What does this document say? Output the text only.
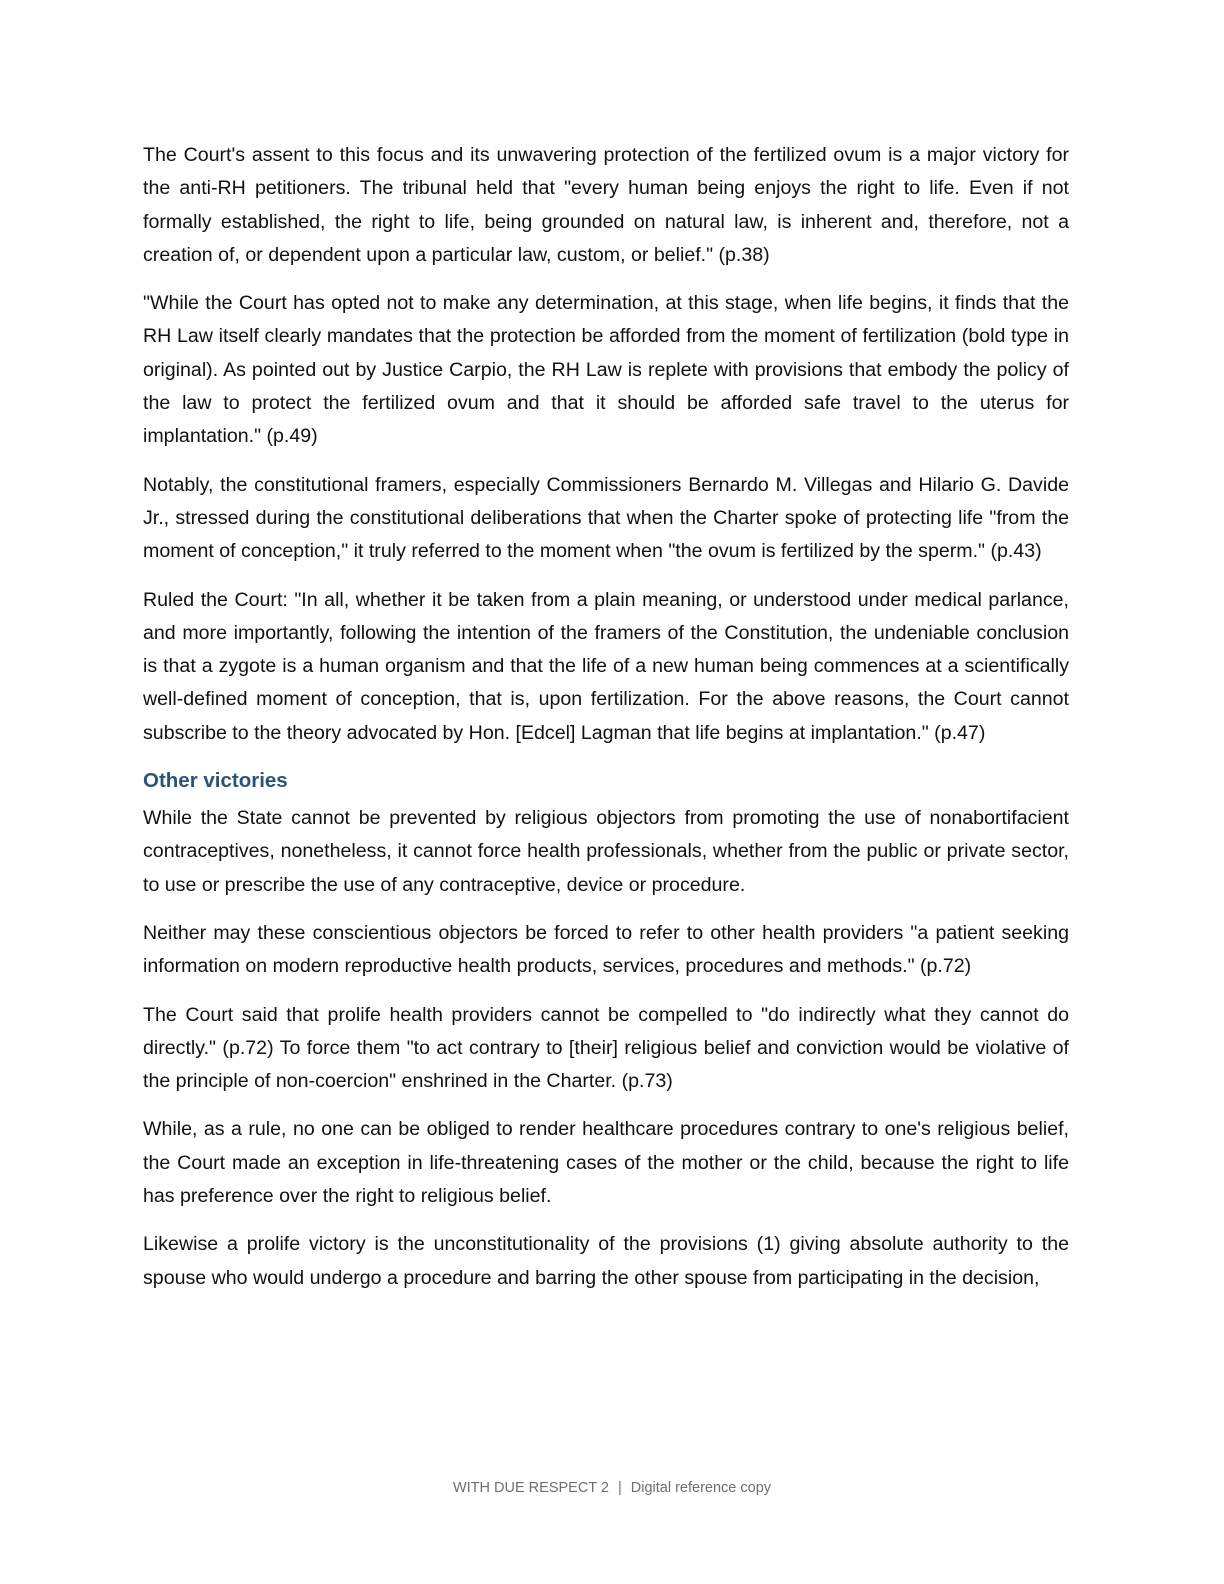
The Court's assent to this focus and its unwavering protection of the fertilized ovum is a major victory for the anti-RH petitioners. The tribunal held that "every human being enjoys the right to life. Even if not formally established, the right to life, being grounded on natural law, is inherent and, therefore, not a creation of, or dependent upon a particular law, custom, or belief." (p.38)

"While the Court has opted not to make any determination, at this stage, when life begins, it finds that the RH Law itself clearly mandates that the protection be afforded from the moment of fertilization (bold type in original). As pointed out by Justice Carpio, the RH Law is replete with provisions that embody the policy of the law to protect the fertilized ovum and that it should be afforded safe travel to the uterus for implantation." (p.49)

Notably, the constitutional framers, especially Commissioners Bernardo M. Villegas and Hilario G. Davide Jr., stressed during the constitutional deliberations that when the Charter spoke of protecting life "from the moment of conception," it truly referred to the moment when "the ovum is fertilized by the sperm." (p.43)

Ruled the Court: "In all, whether it be taken from a plain meaning, or understood under medical parlance, and more importantly, following the intention of the framers of the Constitution, the undeniable conclusion is that a zygote is a human organism and that the life of a new human being commences at a scientifically well-defined moment of conception, that is, upon fertilization. For the above reasons, the Court cannot subscribe to the theory advocated by Hon. [Edcel] Lagman that life begins at implantation." (p.47)

Other victories

While the State cannot be prevented by religious objectors from promoting the use of nonabortifacient contraceptives, nonetheless, it cannot force health professionals, whether from the public or private sector, to use or prescribe the use of any contraceptive, device or procedure.

Neither may these conscientious objectors be forced to refer to other health providers "a patient seeking information on modern reproductive health products, services, procedures and methods." (p.72)

The Court said that prolife health providers cannot be compelled to "do indirectly what they cannot do directly." (p.72) To force them "to act contrary to [their] religious belief and conviction would be violative of the principle of non-coercion" enshrined in the Charter. (p.73)

While, as a rule, no one can be obliged to render healthcare procedures contrary to one's religious belief, the Court made an exception in life-threatening cases of the mother or the child, because the right to life has preference over the right to religious belief.

Likewise a prolife victory is the unconstitutionality of the provisions (1) giving absolute authority to the spouse who would undergo a procedure and barring the other spouse from participating in the decision,

WITH DUE RESPECT 2 | Digital reference copy
